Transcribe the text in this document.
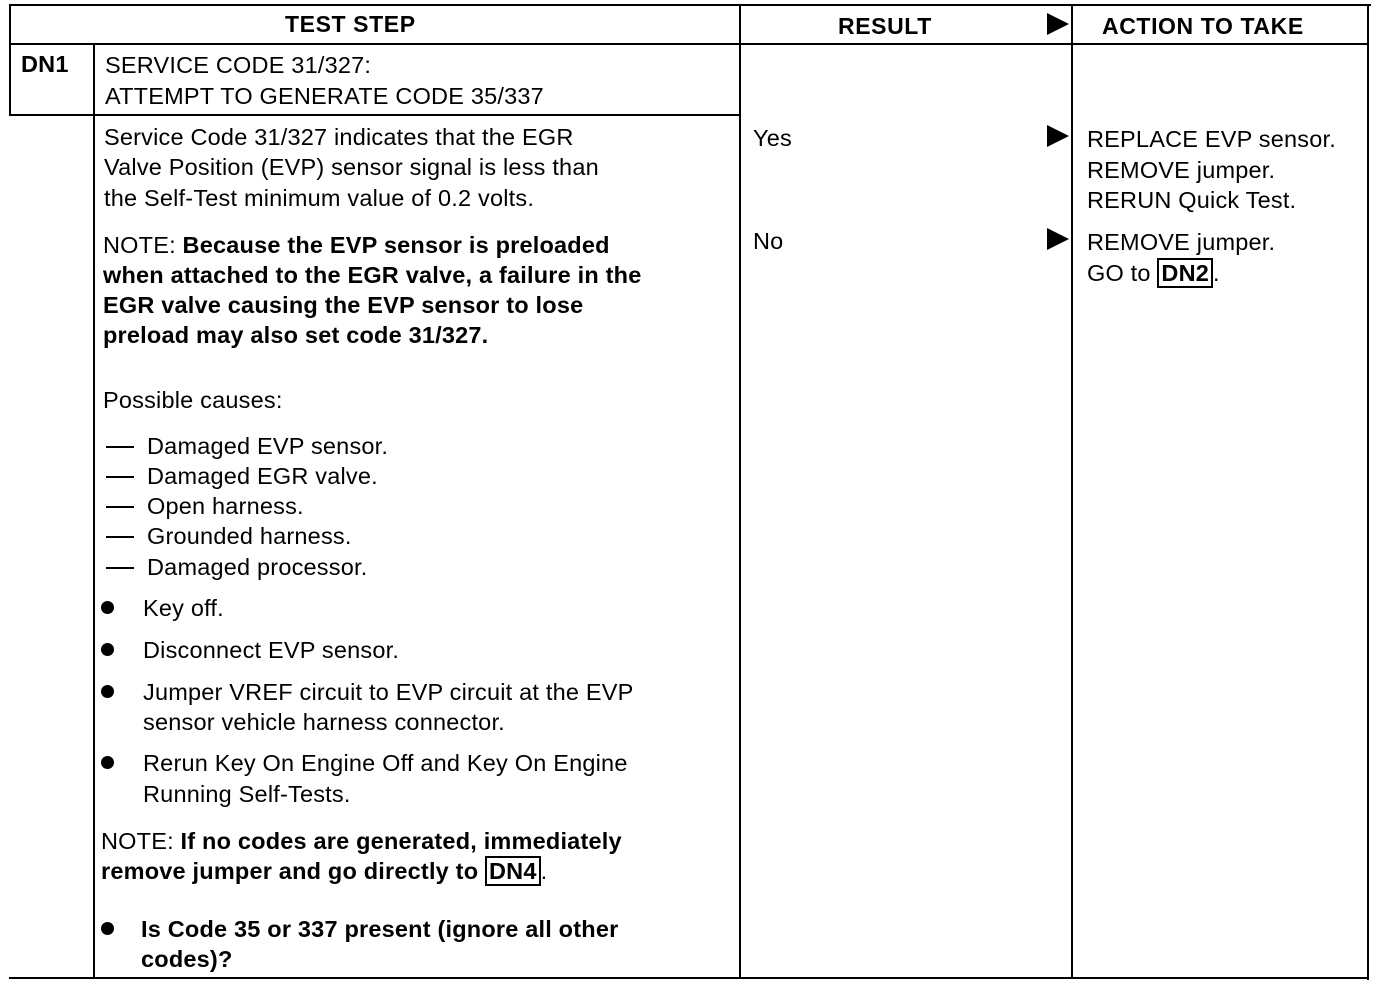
TEST STEP	RESULT	ACTION TO TAKE
DN1 SERVICE CODE 31/327:
ATTEMPT TO GENERATE CODE 35/337
Service Code 31/327 indicates that the EGR
Valve Position (EVP) sensor signal is less than
the Self-Test minimum value of 0.2 volts.
NOTE: Because the EVP sensor is preloaded
when attached to the EGR valve, a failure in the
EGR valve causing the EVP sensor to lose
preload may also set code 31/327.
Possible causes:
Damaged EVP sensor.
Damaged EGR valve.
Open harness.
Grounded harness.
Damaged processor.
Key off.
Disconnect EVP sensor.
Jumper VREF circuit to EVP circuit at the EVP
sensor vehicle harness connector.
Rerun Key On Engine Off and Key On Engine
Running Self-Tests.
NOTE: If no codes are generated, immediately
remove jumper and go directly to DN4 .
Is Code 35 or 337 present (ignore all other
codes)?
Yes
No
REPLACE EVP sensor.
REMOVE jumper.
RERUN Quick Test.
REMOVE jumper.
GO to DN2 .
